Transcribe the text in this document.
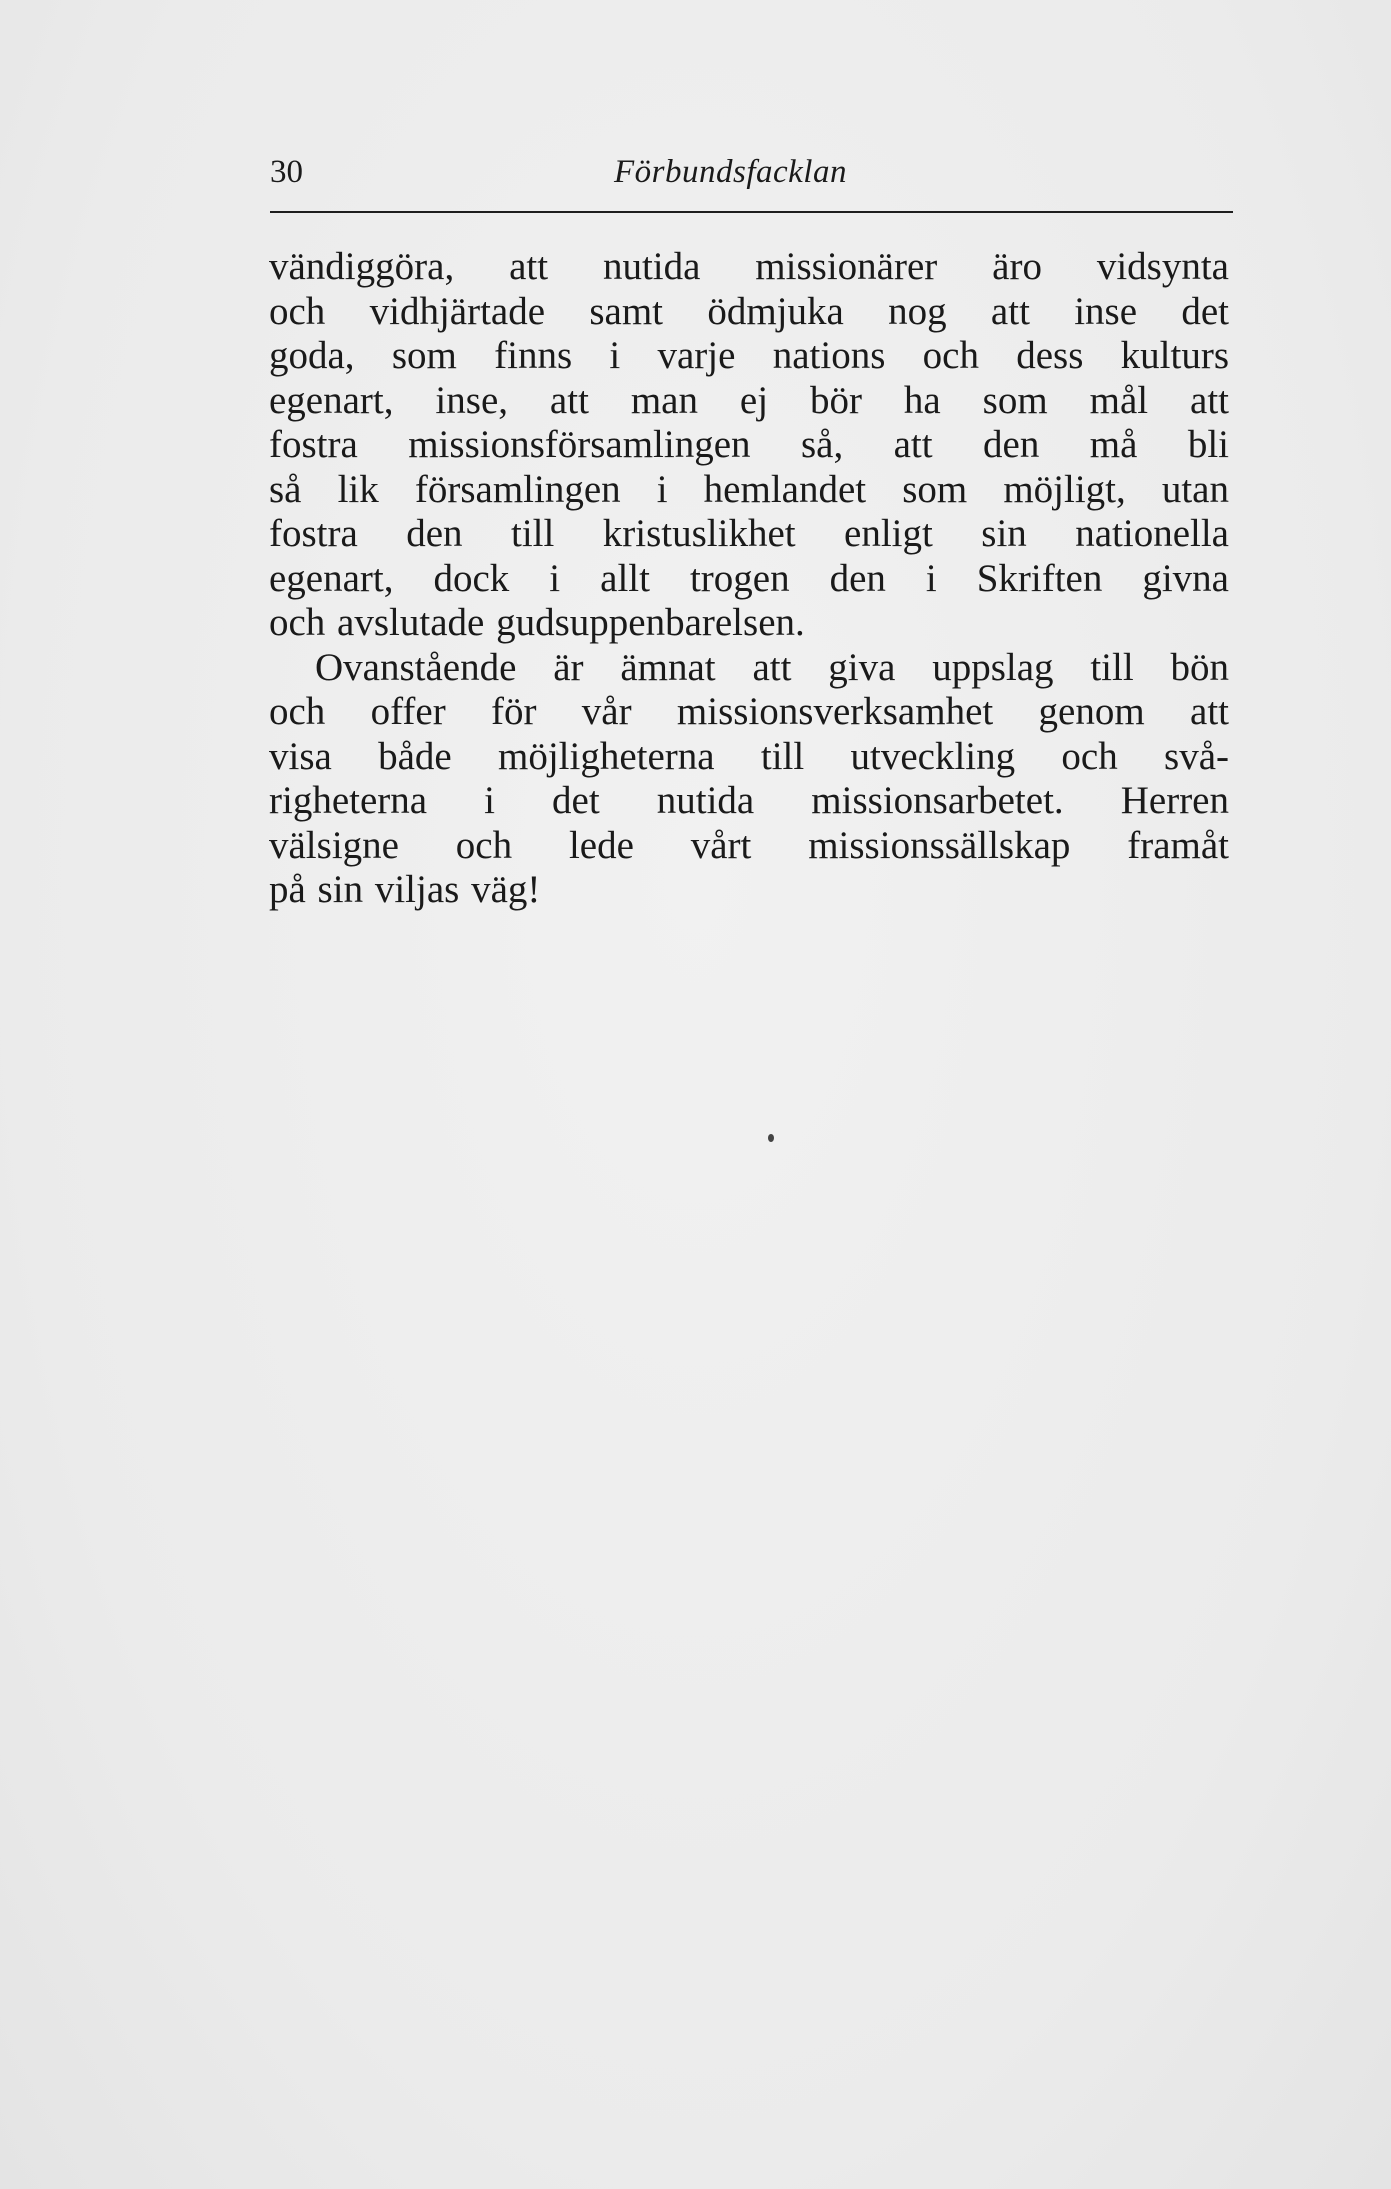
30	Förbundsfacklan
vändiggöra, att nutida missionärer äro vidsynta
och vidhjärtade samt ödmjuka nog att inse det
goda, som finns i varje nations och dess kulturs
egenart, inse, att man ej bör ha som mål att
fostra missionsförsamlingen så, att den må bli
så lik församlingen i hemlandet som möjligt, utan
fostra den till kristuslikhet enligt sin nationella
egenart, dock i allt trogen den i Skriften givna
och avslutade gudsuppenbarelsen.
Ovanstående är ämnat att giva uppslag till bön
och offer för vår missionsverksamhet genom att
visa både möjligheterna till utveckling och svå-
righeterna i det nutida missionsarbetet. Herren
välsigne och lede vårt missionssällskap framåt
på sin viljas väg!
